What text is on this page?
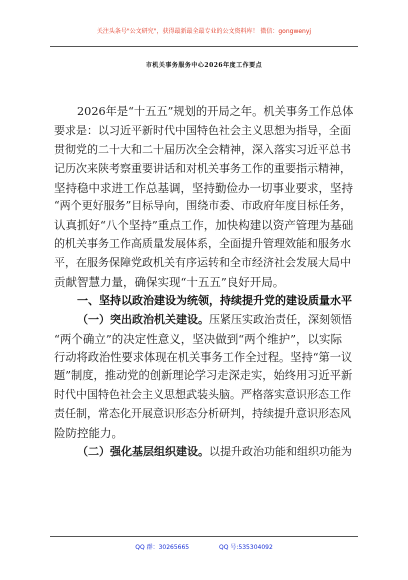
关注头条号"公文研究"，获得最新最全最专业的公文资料库！ 微信：gongwenyj
市机关事务服务中心2026年度工作要点
2026年是“十五五”规划的开局之年。机关事务工作总体
要求是：以习近平新时代中国特色社会主义思想为指导，全面
贯彻党的二十大和二十届历次全会精神，深入落实习近平总书
记历次来陕考察重要讲话和对机关事务工作的重要指示精神，
坚持稳中求进工作总基调，坚持勤俭办一切事业要求，坚持
“两个更好服务”目标导向，围绕市委、市政府年度目标任务，
认真抓好“八个坚持”重点工作，加快构建以资产管理为基础
的机关事务工作高质量发展体系，全面提升管理效能和服务水
平，在服务保障党政机关有序运转和全市经济社会发展大局中
贡献智慧力量，确保实现“十五五”良好开局。
一、坚持以政治建设为统领，持续提升党的建设质量水平
（一）突出政治机关建设。压紧压实政治责任，深刻领悟
“两个确立”的决定性意义，坚决做到“两个维护”，以实际
行动将政治性要求体现在机关事务工作全过程。坚持“第一议
题”制度，推动党的创新理论学习走深走实，始终用习近平新
时代中国特色社会主义思想武装头脑。严格落实意识形态工作
责任制，常态化开展意识形态分析研判，持续提升意识形态风
险防控能力。
（二）强化基层组织建设。以提升政治功能和组织功能为
QQ 群：30265665	QQ 号:535304092
